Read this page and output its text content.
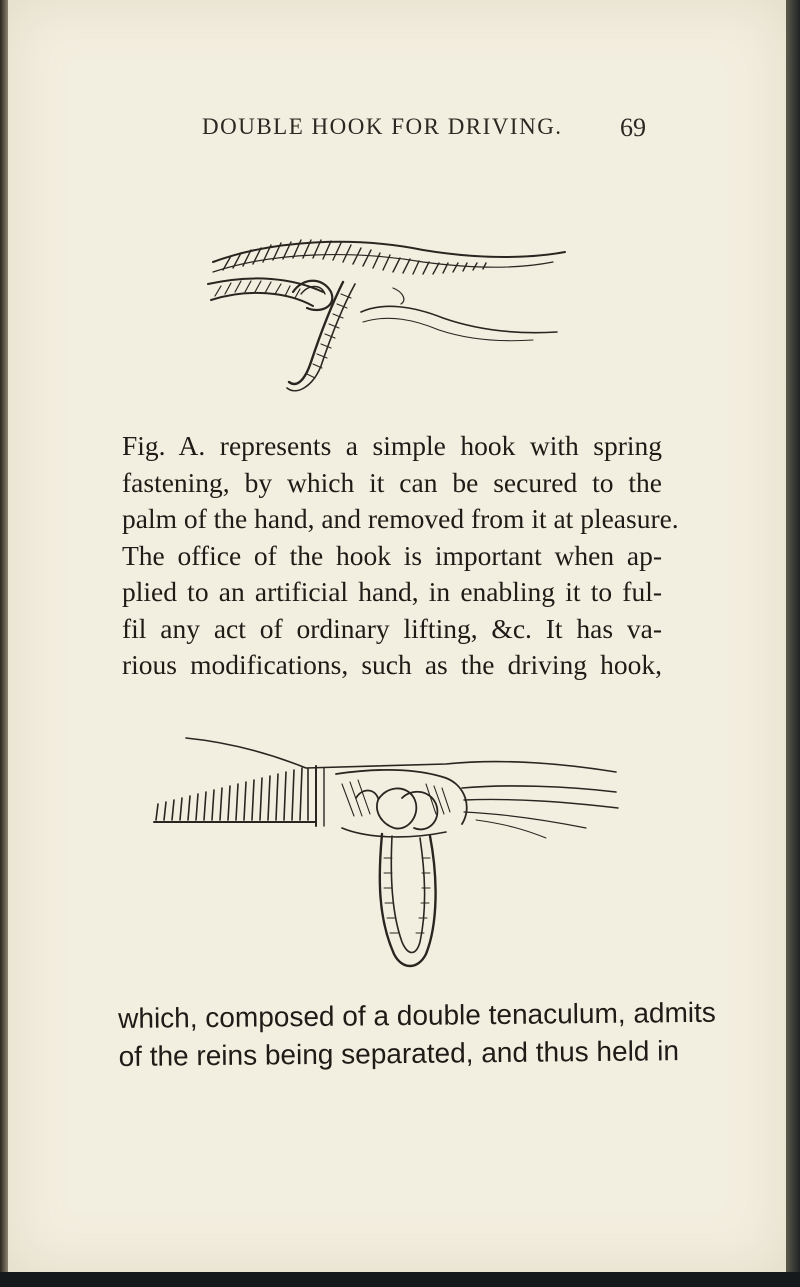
DOUBLE HOOK FOR DRIVING. 69
Fig. A. represents a simple hook with spring
fastening, by which it can be secured to the
palm of the hand, and removed from it at pleasure.
The office of the hook is important when ap-
plied to an artificial hand, in enabling it to ful-
fil any act of ordinary lifting, &c. It has va-
rious modifications, such as the driving hook,
which, composed of a double tenaculum, admits
of the reins being separated, and thus held in
